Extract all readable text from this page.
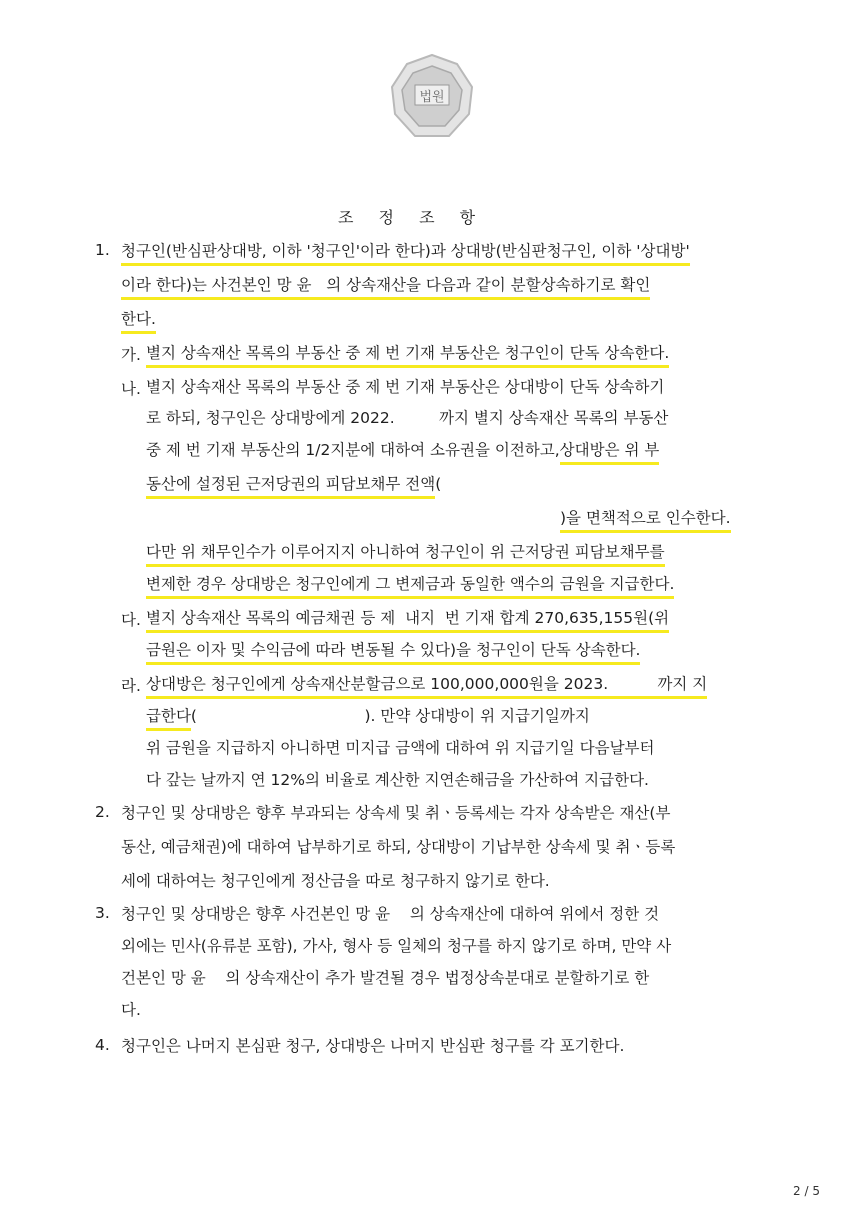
법원
조 정 조 항
1. 청구인(반심판상대방, 이하 '청구인'이라 한다)과 상대방(반심판청구인, 이하 '상대방'
이라 한다)는 사건본인 망 윤   의 상속재산을 다음과 같이 분할상속하기로 확인
한다.
가. 별지 상속재산 목록의 부동산 중 제 번 기재 부동산은 청구인이 단독 상속한다.
나. 별지 상속재산 목록의 부동산 중 제 번 기재 부동산은 상대방이 단독 상속하기
로 하되, 청구인은 상대방에게 2022.         까지 별지 상속재산 목록의 부동산
중 제 번 기재 부동산의 1/2지분에 대하여 소유권을 이전하고,상대방은 위 부
동산에 설정된 근저당권의 피담보채무 전액(
)을 면책적으로 인수한다.
다만 위 채무인수가 이루어지지 아니하여 청구인이 위 근저당권 피담보채무를
변제한 경우 상대방은 청구인에게 그 변제금과 동일한 액수의 금원을 지급한다.
다. 별지 상속재산 목록의 예금채권 등 제  내지  번 기재 합계 270,635,155원(위
금원은 이자 및 수익금에 따라 변동될 수 있다)을 청구인이 단독 상속한다.
라. 상대방은 청구인에게 상속재산분할금으로 100,000,000원을 2023.          까지 지
급한다(                                  ). 만약 상대방이 위 지급기일까지
위 금원을 지급하지 아니하면 미지급 금액에 대하여 위 지급기일 다음날부터
다 갚는 날까지 연 12%의 비율로 계산한 지연손해금을 가산하여 지급한다.
2. 청구인 및 상대방은 향후 부과되는 상속세 및 취ㆍ등록세는 각자 상속받은 재산(부
동산, 예금채권)에 대하여 납부하기로 하되, 상대방이 기납부한 상속세 및 취ㆍ등록
세에 대하여는 청구인에게 정산금을 따로 청구하지 않기로 한다.
3. 청구인 및 상대방은 향후 사건본인 망 윤    의 상속재산에 대하여 위에서 정한 것
외에는 민사(유류분 포함), 가사, 형사 등 일체의 청구를 하지 않기로 하며, 만약 사
건본인 망 윤    의 상속재산이 추가 발견될 경우 법정상속분대로 분할하기로 한
다.
4. 청구인은 나머지 본심판 청구, 상대방은 나머지 반심판 청구를 각 포기한다.
2 / 5
